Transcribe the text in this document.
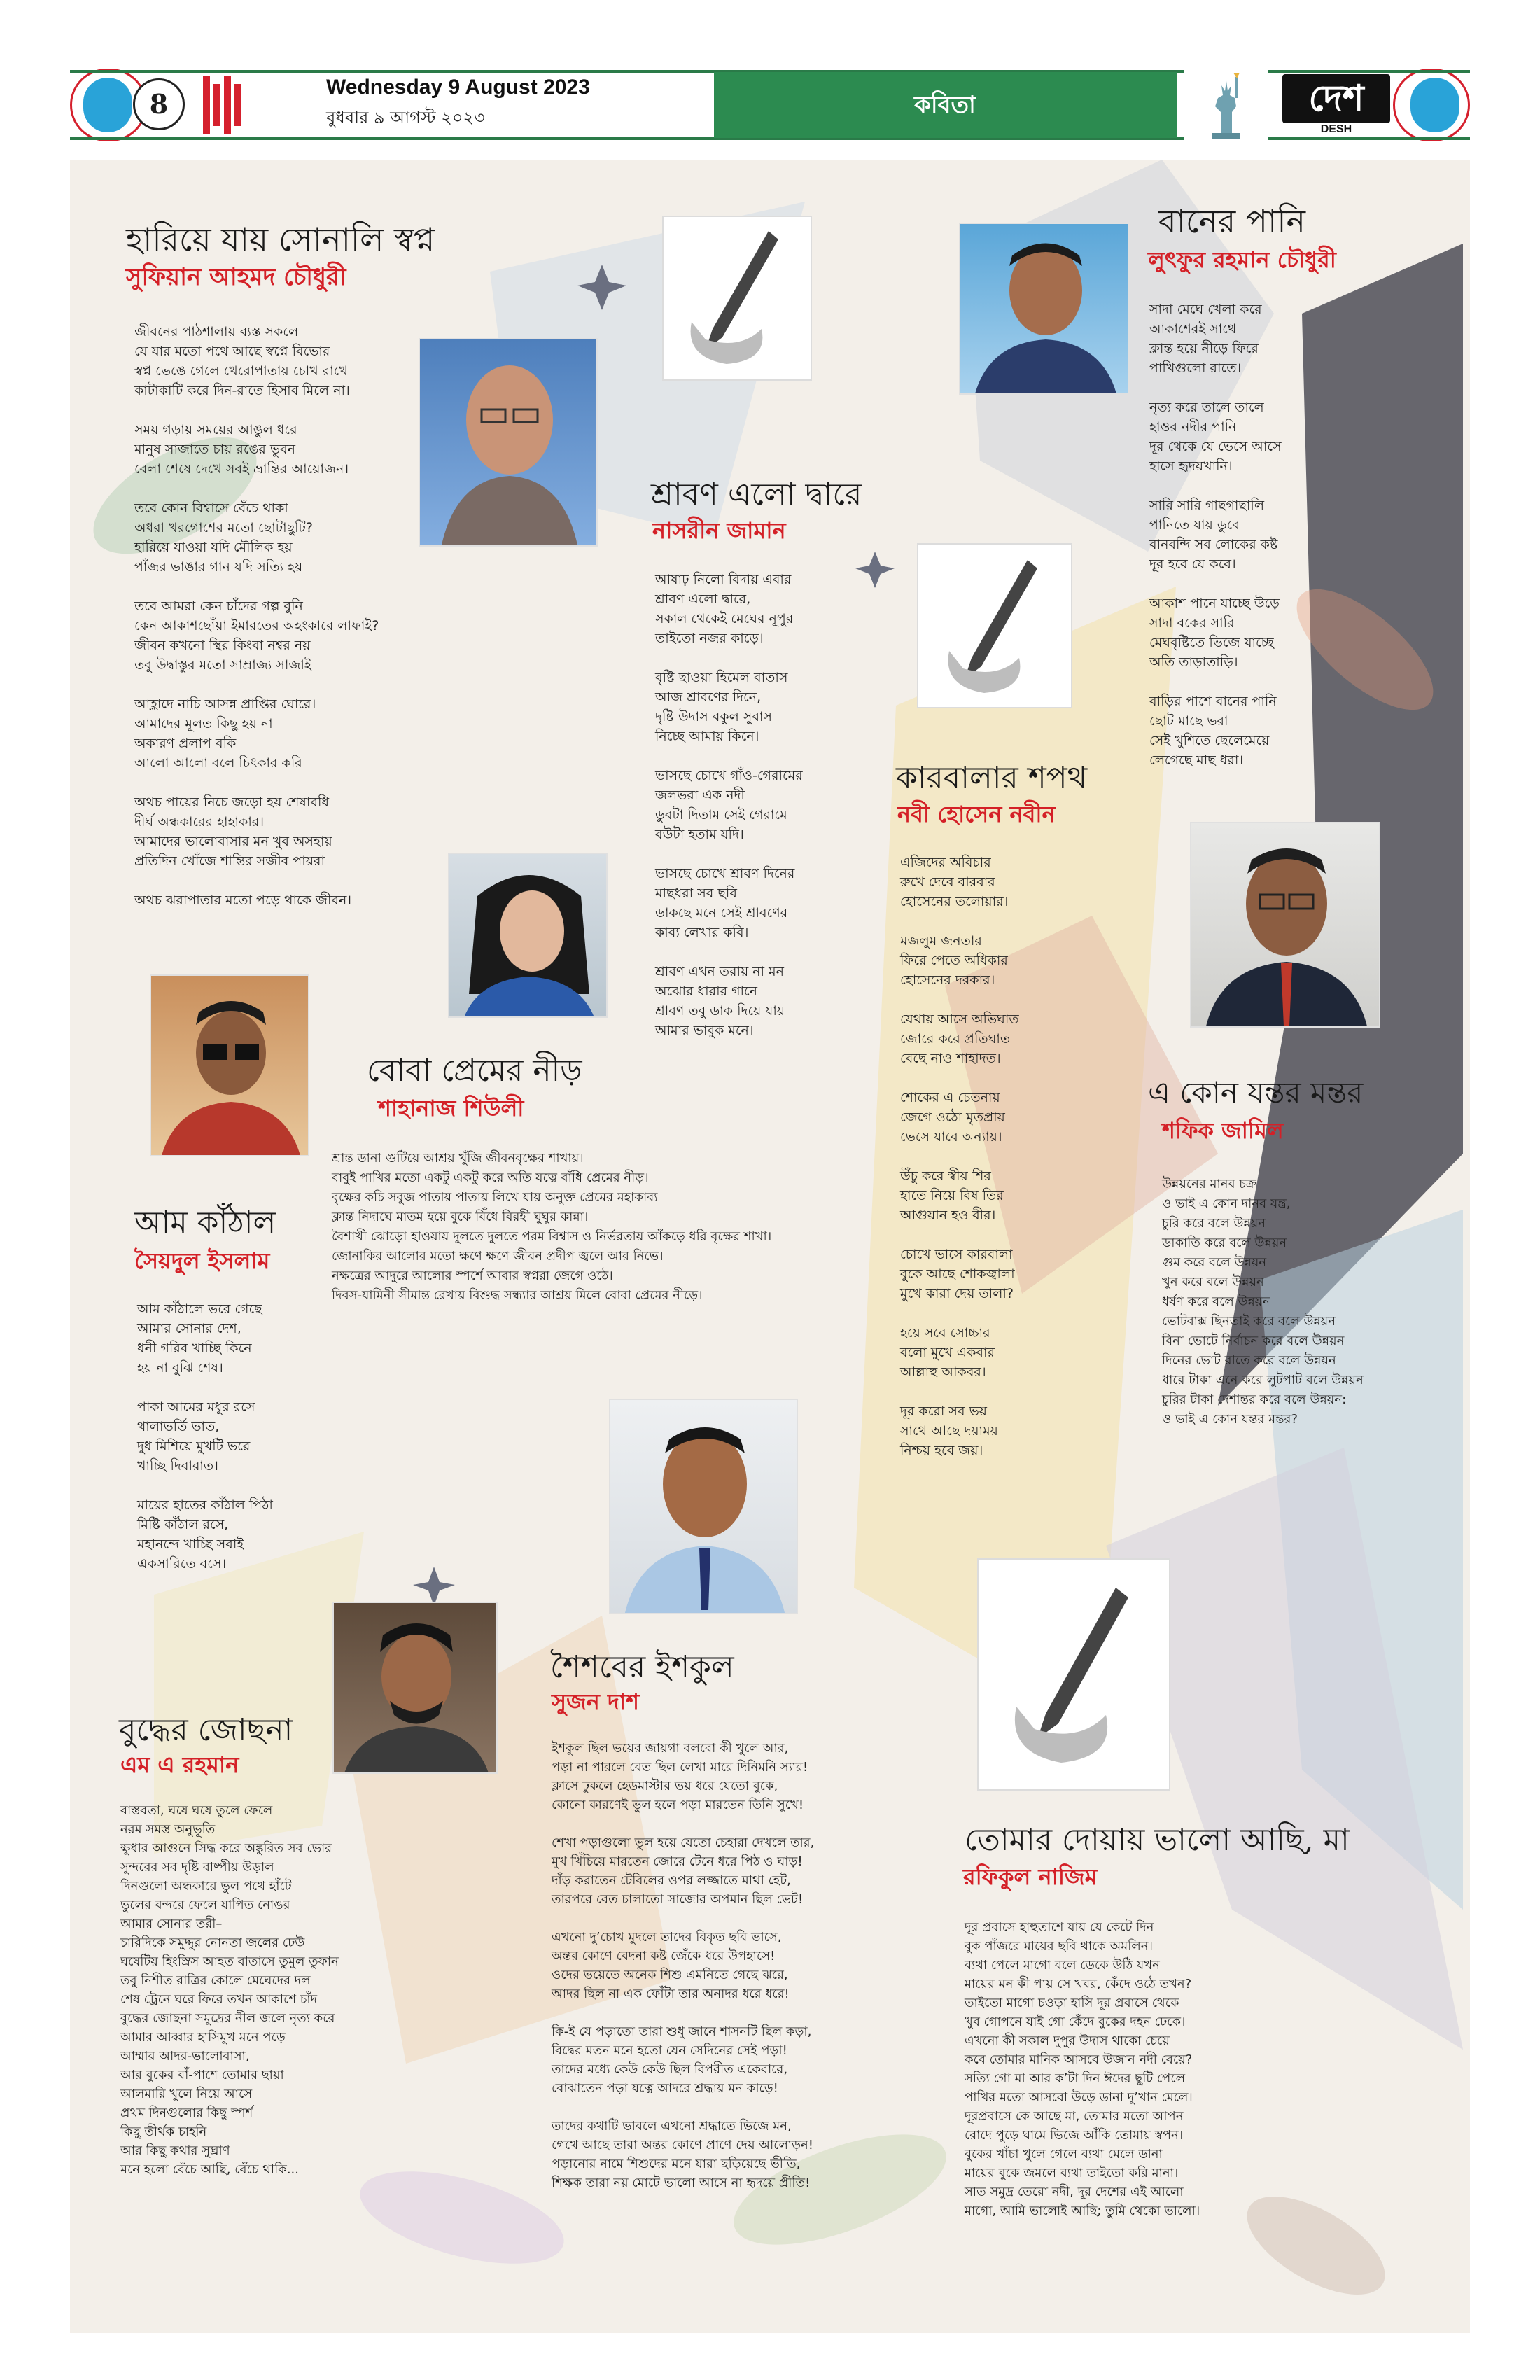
8
Wednesday 9 August 2023
বুধবার ৯ আগস্ট ২০২৩	কবিতা	দেশ
DESH
হারিয়ে যায় সোনালি স্বপ্ন
সুফিয়ান আহমদ চৌধুরী
জীবনের পাঠশালায় ব্যস্ত সকলে
যে যার মতো পথে আছে স্বপ্নে বিভোর
স্বপ্ন ভেঙে গেলে খেরোপাতায় চোখ রাখে
কাটাকাটি করে দিন-রাতে হিসাব মিলে না।

সময় গড়ায় সময়ের আঙুল ধরে
মানুষ সাজাতে চায় রঙের ভুবন
বেলা শেষে দেখে সবই ভ্রান্তির আয়োজন।

তবে কোন বিশ্বাসে বেঁচে থাকা
অধরা খরগোশের মতো ছোটাছুটি?
হারিয়ে যাওয়া যদি মৌলিক হয়
পাঁজর ভাঙার গান যদি সত্যি হয়

তবে আমরা কেন চাঁদের গল্প বুনি
কেন আকাশছোঁয়া ইমারতের অহংকারে লাফাই?
জীবন কখনো স্থির কিংবা নশ্বর নয়
তবু উদ্বাস্তুর মতো সাম্রাজ্য সাজাই

আহ্লাদে নাচি আসন্ন প্রাপ্তির ঘোরে।
আমাদের মূলত কিছু হয় না
অকারণ প্রলাপ বকি
আলো আলো বলে চিৎকার করি

অথচ পায়ের নিচে জড়ো হয় শেষাবধি
দীর্ঘ অন্ধকারের হাহাকার।
আমাদের ভালোবাসার মন খুব অসহায়
প্রতিদিন খোঁজে শান্তির সজীব পায়রা

অথচ ঝরাপাতার মতো পড়ে থাকে জীবন।
শ্রাবণ এলো দ্বারে
নাসরীন জামান
আষাঢ় নিলো বিদায় এবার
শ্রাবণ এলো দ্বারে,
সকাল থেকেই মেঘের নূপুর
তাইতো নজর কাড়ে।

বৃষ্টি ছাওয়া হিমেল বাতাস
আজ শ্রাবণের দিনে,
দৃষ্টি উদাস বকুল সুবাস
নিচ্ছে আমায় কিনে।

ভাসছে চোখে গাঁও-গেরামের
জলভরা এক নদী
ডুবটা দিতাম সেই গেরামে
বউটা হতাম যদি।

ভাসছে চোখে শ্রাবণ দিনের
মাছধরা সব ছবি
ডাকছে মনে সেই শ্রাবণের
কাব্য লেখার কবি।

শ্রাবণ এখন তরায় না মন
অঝোর ধারার গানে
শ্রাবণ তবু ডাক দিয়ে যায়
আমার ভাবুক মনে।
বানের পানি
লুৎফুর রহমান চৌধুরী
সাদা মেঘে খেলা করে
আকাশেরই সাথে
ক্লান্ত হয়ে নীড়ে ফিরে
পাখিগুলো রাতে।

নৃত্য করে তালে তালে
হাওর নদীর পানি
দূর থেকে যে ভেসে আসে
হাসে হৃদয়খানি।

সারি সারি গাছগাছালি
পানিতে যায় ডুবে
বানবন্দি সব লোকের কষ্ট
দূর হবে যে কবে।

আকাশ পানে যাচ্ছে উড়ে
সাদা বকের সারি
মেঘবৃষ্টিতে ভিজে যাচ্ছে
অতি তাড়াতাড়ি।

বাড়ির পাশে বানের পানি
ছোট মাছে ভরা
সেই খুশিতে ছেলেমেয়ে
লেগেছে মাছ ধরা।
কারবালার শপথ
নবী হোসেন নবীন
এজিদের অবিচার
রুখে দেবে বারবার
হোসেনের তলোয়ার।

মজলুম জনতার
ফিরে পেতে অধিকার
হোসেনের দরকার।

যেথায় আসে অভিঘাত
জোরে করে প্রতিঘাত
বেছে নাও শাহাদত।

শোকের এ চেতনায়
জেগে ওঠো মৃতপ্রায়
ভেসে যাবে অন্যায়।

উঁচু করে স্বীয় শির
হাতে নিয়ে বিষ তির
আগুয়ান হও বীর।

চোখে ভাসে কারবালা
বুকে আছে শোকজ্বালা
মুখে কারা দেয় তালা?

হয়ে সবে সোচ্চার
বলো মুখে একবার
আল্লাহু আকবর।

দূর করো সব ভয়
সাথে আছে দয়াময়
নিশ্চয় হবে জয়।
এ কোন যন্তর মন্তর
শফিক জামিল
উন্নয়নের মানব চক্র
ও ভাই এ কোন দানব যন্ত্র,
চুরি করে বলে উন্নয়ন
ডাকাতি করে বলে উন্নয়ন
গুম করে বলে উন্নয়ন
খুন করে বলে উন্নয়ন
ধর্ষণ করে বলে উন্নয়ন
ভোটবাক্স ছিনতাই করে বলে উন্নয়ন
বিনা ভোটে নির্বাচন করে বলে উন্নয়ন
দিনের ভোট রাতে করে বলে উন্নয়ন
ধারে টাকা এনে করে লুটপাট বলে উন্নয়ন
চুরির টাকা দেশান্তর করে বলে উন্নয়ন:
ও ভাই এ কোন যন্তর মন্তর?
বোবা প্রেমের নীড়
শাহানাজ শিউলী
শ্রান্ত ডানা গুটিয়ে আশ্রয় খুঁজি জীবনবৃক্ষের শাখায়।
বাবুই পাখির মতো একটু একটু করে অতি যত্নে বাঁধি প্রেমের নীড়।
বৃক্ষের কচি সবুজ পাতায় পাতায় লিখে যায় অনুক্ত প্রেমের মহাকাব্য
ক্লান্ত নিদাঘে মাতম হয়ে বুকে বিঁধে বিরহী ঘুঘুর কান্না।
বৈশাখী ঝোড়ো হাওয়ায় দুলতে দুলতে পরম বিশ্বাস ও নির্ভরতায় আঁকড়ে ধরি বৃক্ষের শাখা।
জোনাকির আলোর মতো ক্ষণে ক্ষণে জীবন প্রদীপ জ্বলে আর নিভে।
নক্ষত্রের আদুরে আলোর স্পর্শে আবার স্বপ্নরা জেগে ওঠে।
দিবস-যামিনী সীমান্ত রেখায় বিশুদ্ধ সন্ধ্যার আশ্রয় মিলে বোবা প্রেমের নীড়ে।
আম কাঁঠাল
সৈয়দুল ইসলাম
আম কাঁঠালে ভরে গেছে
আমার সোনার দেশ,
ধনী গরিব খাচ্ছি কিনে
হয় না বুঝি শেষ।

পাকা আমের মধুর রসে
থালাভর্তি ভাত,
দুধ মিশিয়ে মুখটি ভরে
খাচ্ছি দিবারাত।

মায়ের হাতের কাঁঠাল পিঠা
মিষ্টি কাঁঠাল রসে,
মহানন্দে খাচ্ছি সবাই
একসারিতে বসে।
শৈশবের ইশকুল
সুজন দাশ
ইশকুল ছিল ভয়ের জায়গা বলবো কী খুলে আর,
পড়া না পারলে বেত ছিল লেখা মারে দিনিমনি স্যার!
ক্লাসে ঢুকলে হেডমাস্টার ভয় ধরে যেতো বুকে,
কোনো কারণেই ভুল হলে পড়া মারতেন তিনি সুখে!

শেখা পড়াগুলো ভুল হয়ে যেতো চেহারা দেখলে তার,
মুখ খিঁচিয়ে মারতেন জোরে টেনে ধরে পিঠ ও ঘাড়!
দাঁড় করাতেন টেবিলের ওপর লজ্জাতে মাথা হেট,
তারপরে বেত চালাতো সাজোর অপমান ছিল ভেট!

এখনো দু’চোখ মুদলে তাদের বিকৃত ছবি ভাসে,
অন্তর কোণে বেদনা কষ্ট জেঁকে ধরে উপহাসে!
ওদের ভয়েতে অনেক শিশু এমনিতে গেছে ঝরে,
আদর ছিল না এক ফোঁটা তার অনাদর ধরে ধরে!

কি-ই যে পড়াতো তারা শুধু জানে শাসনটি ছিল কড়া,
বিদ্বের মতন মনে হতো যেন সেদিনের সেই পড়া!
তাদের মধ্যে কেউ কেউ ছিল বিপরীত একেবারে,
বোঝাতেন পড়া যত্নে আদরে শ্রদ্ধায় মন কাড়ে!

তাদের কথাটি ভাবলে এখনো শ্রদ্ধাতে ভিজে মন,
গেথে আছে তারা অন্তর কোণে প্রাণে দেয় আলোড়ন!
পড়ানোর নামে শিশুদের মনে যারা ছড়িয়েছে ভীতি,
শিক্ষক তারা নয় মোটে ভালো আসে না হৃদয়ে প্রীতি!
বুদ্ধের জোছনা
এম এ রহমান
বাস্তবতা, ঘষে ঘষে তুলে ফেলে
নরম সমস্ত অনুভূতি
ক্ষুধার আগুনে সিদ্ধ করে অঙ্কুরিত সব ভোর
সুন্দরের সব দৃষ্টি বাষ্পীয় উড়াল
দিনগুলো অন্ধকারে ভুল পথে হাঁটে
ভুলের বন্দরে ফেলে যাপিত নোঙর
আমার সোনার তরী–
চারিদিকে সমুদ্দুর নোনতা জলের ঢেউ
ঘষেটিয় হিংস্রিস আহত বাতাসে তুমুল তুফান
তবু নিশীত রাত্রির কোলে মেঘেদের দল
শেষ ট্রেনে ঘরে ফিরে তখন আকাশে চাঁদ
বুদ্ধের জোছনা সমুদ্রের নীল জলে নৃত্য করে
আমার আব্বার হাসিমুখ মনে পড়ে
আম্মার আদর-ভালোবাসা,
আর বুকের বাঁ-পাশে তোমার ছায়া
আলমারি খুলে নিয়ে আসে
প্রথম দিনগুলোর কিছু স্পর্শ
কিছু তীর্থক চাহনি
আর কিছু কথার সুঘ্রাণ
মনে হলো বেঁচে আছি, বেঁচে থাকি...
তোমার দোয়ায় ভালো আছি, মা
রফিকুল নাজিম
দূর প্রবাসে হাহুতাশে যায় যে কেটে দিন
বুক পাঁজরে মায়ের ছবি থাকে অমলিন।
ব্যথা পেলে মাগো বলে ডেকে উঠি যখন
মায়ের মন কী পায় সে খবর, কেঁদে ওঠে তখন?
তাইতো মাগো চওড়া হাসি দূর প্রবাসে থেকে
খুব গোপনে যাই গো কেঁদে বুকের দহন ঢেকে।
এখনো কী সকাল দুপুর উদাস থাকো চেয়ে
কবে তোমার মানিক আসবে উজান নদী বেয়ে?
সত্যি গো মা আর ক’টা দিন ঈদের ছুটি পেলে
পাখির মতো আসবো উড়ে ডানা দু’খান মেলে।
দূরপ্রবাসে কে আছে মা, তোমার মতো আপন
রোদে পুড়ে ঘামে ভিজে আঁকি তোমায় স্বপন।
বুকের খাঁচা খুলে গেলে ব্যথা মেলে ডানা
মায়ের বুকে জমলে ব্যথা তাইতো করি মানা।
সাত সমুদ্র তেরো নদী, দূর দেশের এই আলো
মাগো, আমি ভালোই আছি; তুমি থেকো ভালো।
